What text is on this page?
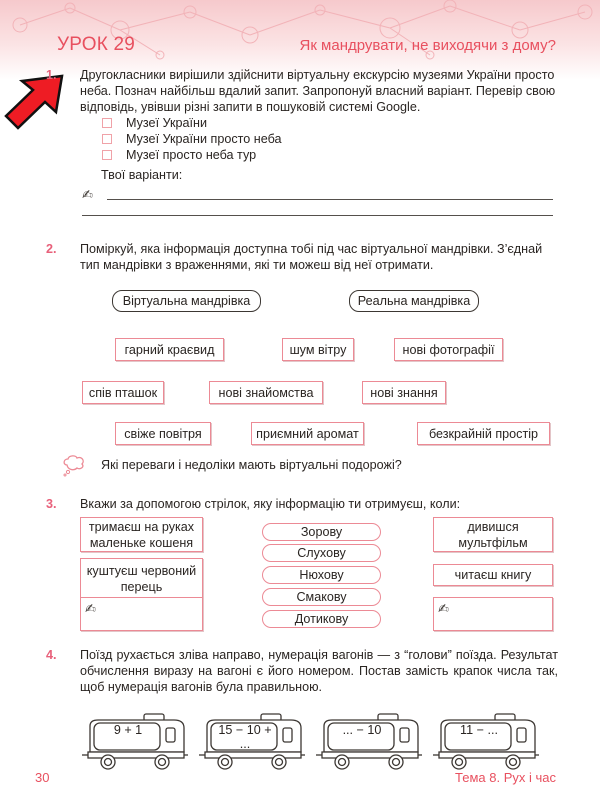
УРОК 29	Як мандрувати, не виходячи з дому?
1. Другокласники вирішили здійснити віртуальну екскурсію музеями України просто неба. Познач найбільш вдалий запит. Запропонуй власний варіант. Перевір свою відповідь, увівши різні запити в пошуковій системі Google.
Музеї України
Музеї України просто неба
Музеї просто неба тур
Твої варіанти:
✍
2. Поміркуй, яка інформація доступна тобі під час віртуальної мандрівки. З’єднай тип мандрівки з враженнями, які ти можеш від неї отримати.
Віртуальна мандрівка	Реальна мандрівка
гарний краєвид	шум вітру	нові фотографії
спів пташок	нові знайомства	нові знання
свіже повітря	приємний аромат	безкрайній простір
Які переваги і недоліки мають віртуальні подорожі?
3. Вкажи за допомогою стрілок, яку інформацію ти отримуєш, коли:
тримаєш на руках маленьке кошеня
куштуєш червоний перець
✍
Зорову
Слухову
Нюхову
Смакову
Дотикову
дивишся мультфільм
читаєш книгу
✍
4. Поїзд рухається зліва направо, нумерація вагонів — з “голови” поїзда. Результат обчислення виразу на вагоні є його номером. Постав замість крапок числа так, щоб нумерація вагонів була правильною.
9 + 1	15 − 10 + ...
... − 10	11 − ...
30	Тема 8. Рух і час
